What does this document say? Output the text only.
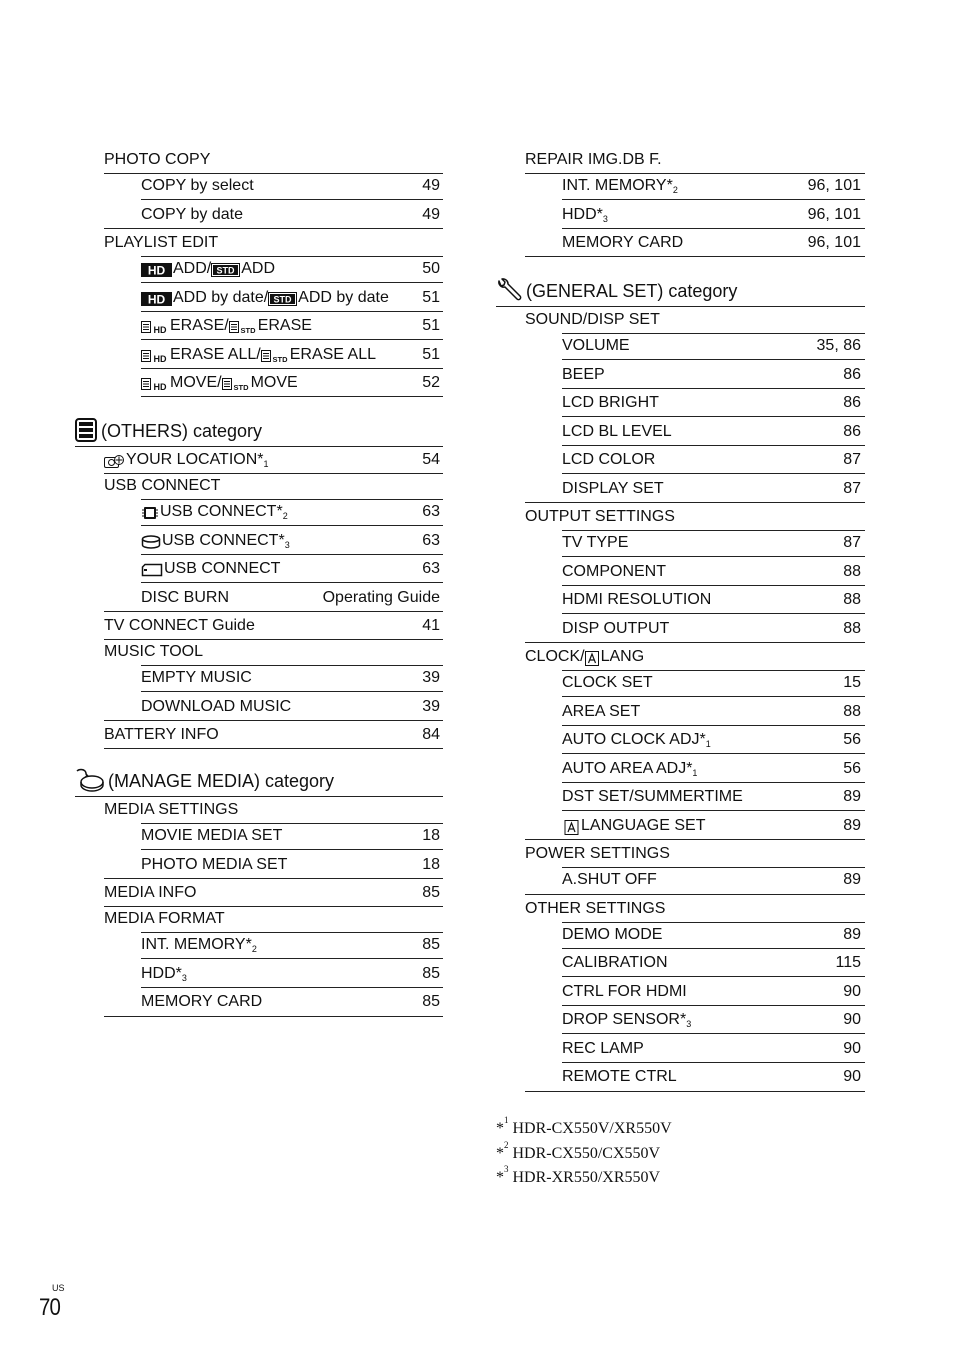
PHOTO COPY
COPY by select	49
COPY by date	49
PLAYLIST EDIT
HD ADD/ STD ADD	50
HD ADD by date/ STD ADD by date 51
HD ERASE/ STD ERASE	51
HD ERASE ALL/ STD ERASE ALL	51
HD MOVE/ STD MOVE	52
(OTHERS) category
YOUR LOCATION*$^1$	54
USB CONNECT
USB CONNECT*$^2$	63
USB CONNECT*$^3$	63
USB CONNECT	63
DISC BURN	Operating Guide
TV CONNECT Guide	41
MUSIC TOOL
EMPTY MUSIC	39
DOWNLOAD MUSIC	39
BATTERY INFO	84
(MANAGE MEDIA) category
MEDIA SETTINGS
MOVIE MEDIA SET	18
PHOTO MEDIA SET	18
MEDIA INFO	85
MEDIA FORMAT
INT. MEMORY*$^2$	85
HDD*$^3$	85
MEMORY CARD	85
REPAIR IMG.DB F.
INT. MEMORY*$^2$	96, 101
HDD*$^3$	96, 101
MEMORY CARD	96, 101
(GENERAL SET) category
SOUND/DISP SET
VOLUME	35, 86
BEEP	86
LCD BRIGHT	86
LCD BL LEVEL	86
LCD COLOR	87
DISPLAY SET	87
OUTPUT SETTINGS
TV TYPE	87
COMPONENT	88
HDMI RESOLUTION	88
DISP OUTPUT	88
CLOCK/ LANG
CLOCK SET	15
AREA SET	88
AUTO CLOCK ADJ*$^1$	56
AUTO AREA ADJ*$^1$	56
DST SET/SUMMERTIME	89
LANGUAGE SET	89
POWER SETTINGS
A.SHUT OFF	89
OTHER SETTINGS
DEMO MODE	89
CALIBRATION	115
CTRL FOR HDMI	90
DROP SENSOR*$^3$	90
REC LAMP	90
REMOTE CTRL	90
*$^1$ HDR-CX550V/XR550V
*$^2$ HDR-CX550/CX550V
*$^3$ HDR-XR550/XR550V
US
70
